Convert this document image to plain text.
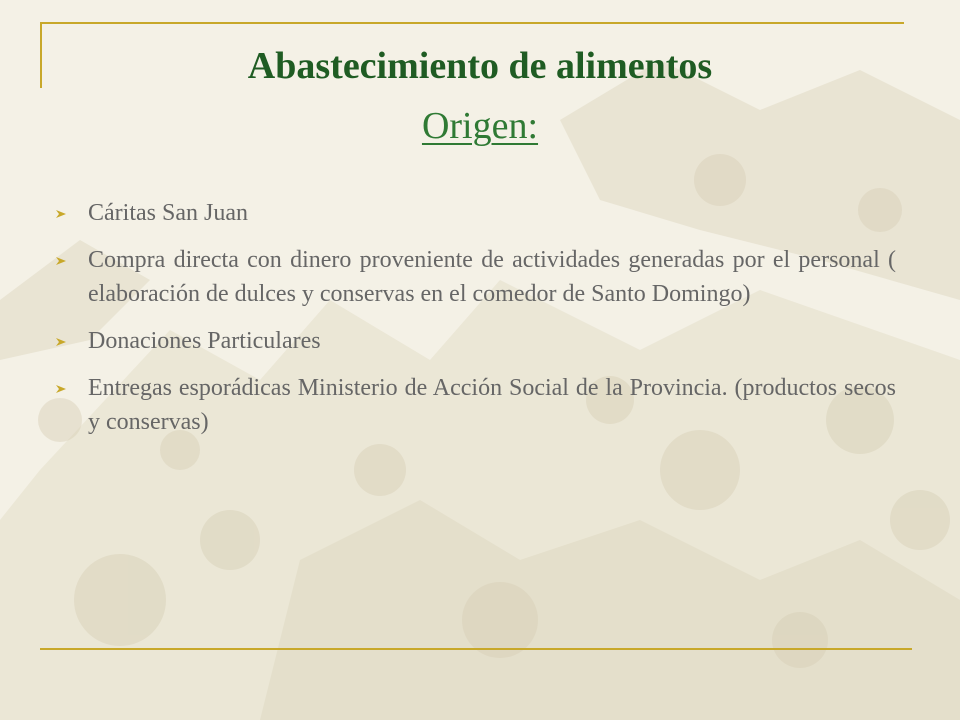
Abastecimiento de alimentos
Origen:
Cáritas San Juan
Compra directa con dinero proveniente de actividades generadas por el personal ( elaboración de dulces y conservas en el comedor de Santo Domingo)
Donaciones Particulares
Entregas esporádicas Ministerio de Acción Social de la Provincia. (productos secos y conservas)
